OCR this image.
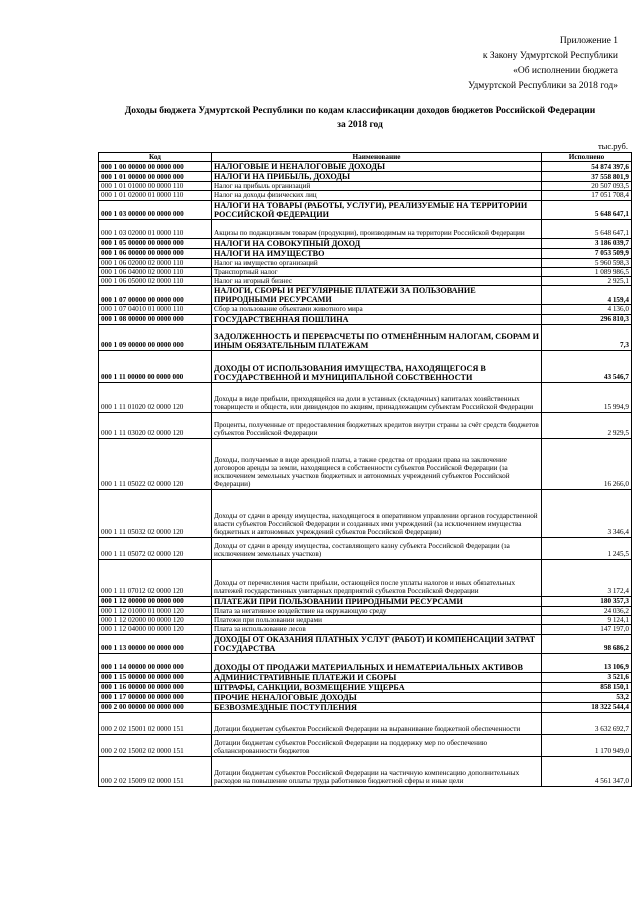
Приложение 1
к Закону Удмуртской Республики
«Об исполнении бюджета
Удмуртской Республики за 2018 год»
Доходы бюджета Удмуртской Республики по кодам классификации доходов бюджетов Российской Федерации
за 2018 год
тыс.руб.
Код	Наименование	Исполнено
000 1 00 00000 00 0000 000	НАЛОГОВЫЕ И НЕНАЛОГОВЫЕ ДОХОДЫ	54 874 397,6
000 1 01 00000 00 0000 000	НАЛОГИ НА ПРИБЫЛЬ, ДОХОДЫ	37 558 801,9
000 1 01 01000 00 0000 110	Налог на прибыль организаций	20 507 093,5
000 1 01 02000 01 0000 110	Налог на доходы физических лиц	17 051 708,4
000 1 03 00000 00 0000 000	НАЛОГИ НА ТОВАРЫ (РАБОТЫ, УСЛУГИ), РЕАЛИЗУЕМЫЕ НА ТЕРРИТОРИИ РОССИЙСКОЙ ФЕДЕРАЦИИ	5 648 647,1
000 1 03 02000 01 0000 110	Акцизы по подакцизным товарам (продукции), производимым на территории Российской Федерации	5 648 647,1
000 1 05 00000 00 0000 000	НАЛОГИ НА СОВОКУПНЫЙ ДОХОД	3 186 039,7
000 1 06 00000 00 0000 000	НАЛОГИ НА ИМУЩЕСТВО	7 053 509,9
000 1 06 02000 02 0000 110	Налог на имущество организаций	5 960 598,3
000 1 06 04000 02 0000 110	Транспортный налог	1 089 986,5
000 1 06 05000 02 0000 110	Налог на игорный бизнес	2 925,1
000 1 07 00000 00 0000 000	НАЛОГИ, СБОРЫ И РЕГУЛЯРНЫЕ ПЛАТЕЖИ ЗА ПОЛЬЗОВАНИЕ ПРИРОДНЫМИ РЕСУРСАМИ	4 159,4
000 1 07 04010 01 0000 110	Сбор за пользование объектами животного мира	4 136,0
000 1 08 00000 00 0000 000	ГОСУДАРСТВЕННАЯ ПОШЛИНА	296 810,3
000 1 09 00000 00 0000 000	ЗАДОЛЖЕННОСТЬ И ПЕРЕРАСЧЕТЫ ПО ОТМЕНЁННЫМ НАЛОГАМ, СБОРАМ И ИНЫМ ОБЯЗАТЕЛЬНЫМ ПЛАТЕЖАМ	7,3
000 1 11 00000 00 0000 000	ДОХОДЫ ОТ ИСПОЛЬЗОВАНИЯ ИМУЩЕСТВА, НАХОДЯЩЕГОСЯ В ГОСУДАРСТВЕННОЙ И МУНИЦИПАЛЬНОЙ СОБСТВЕННОСТИ	43 546,7
000 1 11 01020 02 0000 120	Доходы в виде прибыли, приходящейся на доли в уставных (складочных) капиталах хозяйственных товариществ и обществ, или дивидендов по акциям, принадлежащим субъектам Российской Федерации	15 994,9
000 1 11 03020 02 0000 120	Проценты, полученные от предоставления бюджетных кредитов внутри страны за счёт средств бюджетов субъектов Российской Федерации	2 929,5
000 1 11 05022 02 0000 120	Доходы, получаемые в виде арендной платы, а также средства от продажи права на заключение договоров аренды за земли, находящиеся в собственности субъектов Российской Федерации (за исключением земельных участков бюджетных и автономных учреждений субъектов Российской Федерации)	16 266,0
000 1 11 05032 02 0000 120	Доходы от сдачи в аренду имущества, находящегося в оперативном управлении органов государственной власти субъектов Российской Федерации и созданных ими учреждений (за исключением имущества бюджетных и автономных учреждений субъектов Российской Федерации)	3 346,4
000 1 11 05072 02 0000 120	Доходы от сдачи в аренду имущества, составляющего казну субъекта Российской Федерации (за исключением земельных участков)	1 245,5
000 1 11 07012 02 0000 120	Доходы от перечисления части прибыли, остающейся после уплаты налогов и иных обязательных платежей государственных унитарных предприятий субъектов Российской Федерации	3 172,4
000 1 12 00000 00 0000 000	ПЛАТЕЖИ ПРИ ПОЛЬЗОВАНИИ ПРИРОДНЫМИ РЕСУРСАМИ	180 357,3
000 1 12 01000 01 0000 120	Плата за негативное воздействие на окружающую среду	24 036,2
000 1 12 02000 00 0000 120	Платежи при пользовании недрами	9 124,1
000 1 12 04000 00 0000 120	Плата за использование лесов	147 197,0
000 1 13 00000 00 0000 000	ДОХОДЫ ОТ ОКАЗАНИЯ ПЛАТНЫХ УСЛУГ (РАБОТ) И КОМПЕНСАЦИИ ЗАТРАТ ГОСУДАРСТВА	98 686,2
000 1 14 00000 00 0000 000	ДОХОДЫ ОТ ПРОДАЖИ МАТЕРИАЛЬНЫХ И НЕМАТЕРИАЛЬНЫХ АКТИВОВ	13 106,9
000 1 15 00000 00 0000 000	АДМИНИСТРАТИВНЫЕ ПЛАТЕЖИ И СБОРЫ	3 521,6
000 1 16 00000 00 0000 000	ШТРАФЫ, САНКЦИИ, ВОЗМЕЩЕНИЕ УЩЕРБА	858 150,1
000 1 17 00000 00 0000 000	ПРОЧИЕ НЕНАЛОГОВЫЕ ДОХОДЫ	53,2
000 2 00 00000 00 0000 000	БЕЗВОЗМЕЗДНЫЕ ПОСТУПЛЕНИЯ	18 322 544,4
000 2 02 15001 02 0000 151	Дотации бюджетам субъектов Российской Федерации на выравнивание бюджетной обеспеченности	3 632 692,7
000 2 02 15002 02 0000 151	Дотации бюджетам субъектов Российской Федерации на поддержку мер по обеспечению сбалансированности бюджетов	1 170 949,0
000 2 02 15009 02 0000 151	Дотации бюджетам субъектов Российской Федерации на частичную компенсацию дополнительных расходов на повышение оплаты труда работников бюджетной сферы и иные цели	4 561 347,0
